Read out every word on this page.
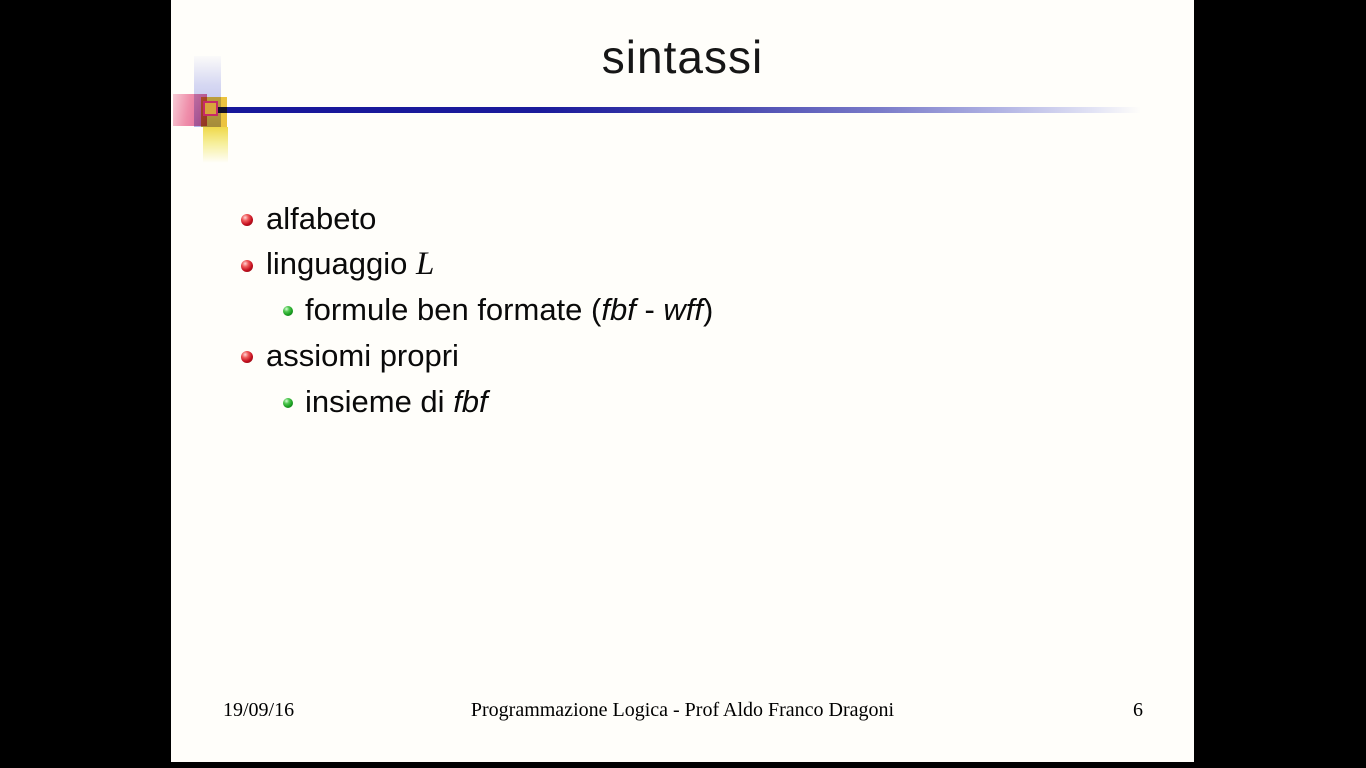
sintassi
alfabeto
linguaggio L
formule ben formate (fbf - wff)
assiomi propri
insieme di fbf
19/09/16	Programmazione Logica - Prof Aldo Franco Dragoni	6
